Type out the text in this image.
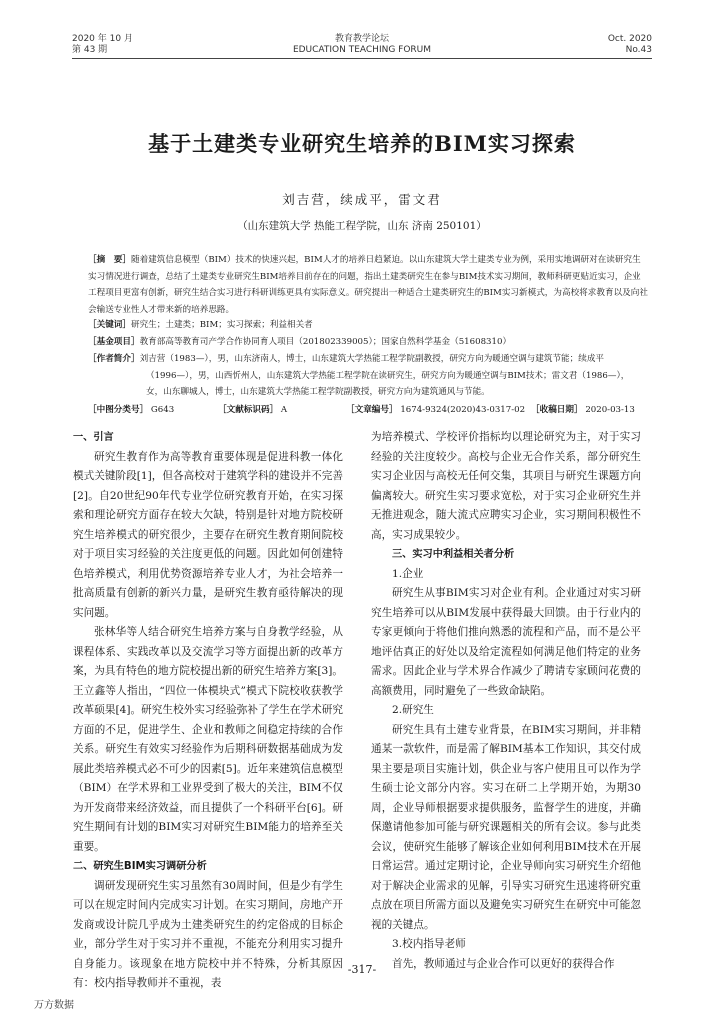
2020 年 10 月
第 43 期
教育教学论坛
EDUCATION TEACHING FORUM
Oct. 2020
No.43
基于土建类专业研究生培养的BIM实习探索
刘吉营，续成平，雷文君
（山东建筑大学 热能工程学院，山东 济南 250101）

［摘　要］随着建筑信息模型（BIM）技术的快速兴起，BIM人才的培养日趋紧迫。以山东建筑大学土建类专业为例，采用实地调研对在读研究生实习情况进行调查，总结了土建类专业研究生BIM培养目前存在的问题，指出土建类研究生在参与BIM技术实习期间，教师科研更贴近实习，企业工程项目更富有创新，研究生结合实习进行科研训练更具有实际意义。研究提出一种适合土建类研究生的BIM实习新模式，为高校将求教育以及向社会输送专业性人才带来新的培养思路。

［关键词］研究生；土建类；BIM；实习探索；利益相关者

［基金项目］教育部高等教育司产学合作协同育人项目（201802339005）；国家自然科学基金（51608310）

［作者简介］刘吉营（1983—），男，山东济南人，博士，山东建筑大学热能工程学院副教授，研究方向为暖通空调与建筑节能；续成平

（1996—），男，山西忻州人，山东建筑大学热能工程学院在读研究生，研究方向为暖通空调与BIM技术；雷文君（1986—），

女，山东聊城人，博士，山东建筑大学热能工程学院副教授，研究方向为建筑通风与节能。

［中图分类号］ G643	［文献标识码］ A	［文章编号］ 1674-9324(2020)43-0317-02 ［收稿日期］ 2020-03-13

一、引言

研究生教育作为高等教育重要体现是促进科教一体化模式关键阶段[1]，但各高校对于建筑学科的建设并不完善[2]。自20世纪90年代专业学位研究教育开始，在实习探索和理论研究方面存在较大欠缺，特别是针对地方院校研究生培养模式的研究很少，主要存在研究生教育期间院校对于项目实习经验的关注度更低的问题。因此如何创建特色培养模式，利用优势资源培养专业人才，为社会培养一批高质量有创新的新兴力量，是研究生教育亟待解决的现实问题。

张林华等人结合研究生培养方案与自身教学经验，从课程体系、实践改革以及交流学习等方面提出新的改革方案，为具有特色的地方院校提出新的研究生培养方案[3]。王立鑫等人指出，“四位一体模块式”模式下院校收获教学改革硕果[4]。研究生校外实习经验弥补了学生在学术研究方面的不足，促进学生、企业和教师之间稳定持续的合作关系。研究生有效实习经验作为后期科研数据基础成为发展此类培养模式必不可少的因素[5]。近年来建筑信息模型（BIM）在学术界和工业界受到了极大的关注，BIM不仅为开发商带来经济效益，而且提供了一个科研平台[6]。研究生期间有计划的BIM实习对研究生BIM能力的培养至关重要。

二、研究生BIM实习调研分析

调研发现研究生实习虽然有30周时间，但是少有学生可以在规定时间内完成实习计划。在实习期间，房地产开发商或设计院几乎成为土建类研究生的约定俗成的目标企业，部分学生对于实习并不重视，不能充分利用实习提升自身能力。该现象在地方院校中并不特殊，分析其原因有：校内指导教师并不重视，表

为培养模式、学校评价指标均以理论研究为主，对于实习经验的关注度较少。高校与企业无合作关系，部分研究生实习企业因与高校无任何交集，其项目与研究生课题方向偏离较大。研究生实习要求宽松，对于实习企业研究生并无推进观念，随大流式应聘实习企业，实习期间积极性不高，实习成果较少。

三、实习中利益相关者分析

1.企业

研究生从事BIM实习对企业有利。企业通过对实习研究生培养可以从BIM发展中获得最大回馈。由于行业内的专家更倾向于将他们推向熟悉的流程和产品，而不是公平地评估真正的好处以及给定流程如何满足他们特定的业务需求。因此企业与学术界合作减少了聘请专家顾问花费的高额费用，同时避免了一些致命缺陷。

2.研究生

研究生具有土建专业背景，在BIM实习期间，并非精通某一款软件，而是需了解BIM基本工作知识，其交付成果主要是项目实施计划，供企业与客户使用且可以作为学生硕士论文部分内容。实习在研二上学期开始，为期30周，企业导师根据要求提供服务，监督学生的进度，并确保邀请他参加可能与研究课题相关的所有会议。参与此类会议，使研究生能够了解该企业如何利用BIM技术在开展日常运营。通过定期讨论，企业导师向实习研究生介绍他对于解决企业需求的见解，引导实习研究生迅速将研究重点放在项目所需方面以及避免实习研究生在研究中可能忽视的关键点。

3.校内指导老师

首先，教师通过与企业合作可以更好的获得合作

-317-
万方数据
